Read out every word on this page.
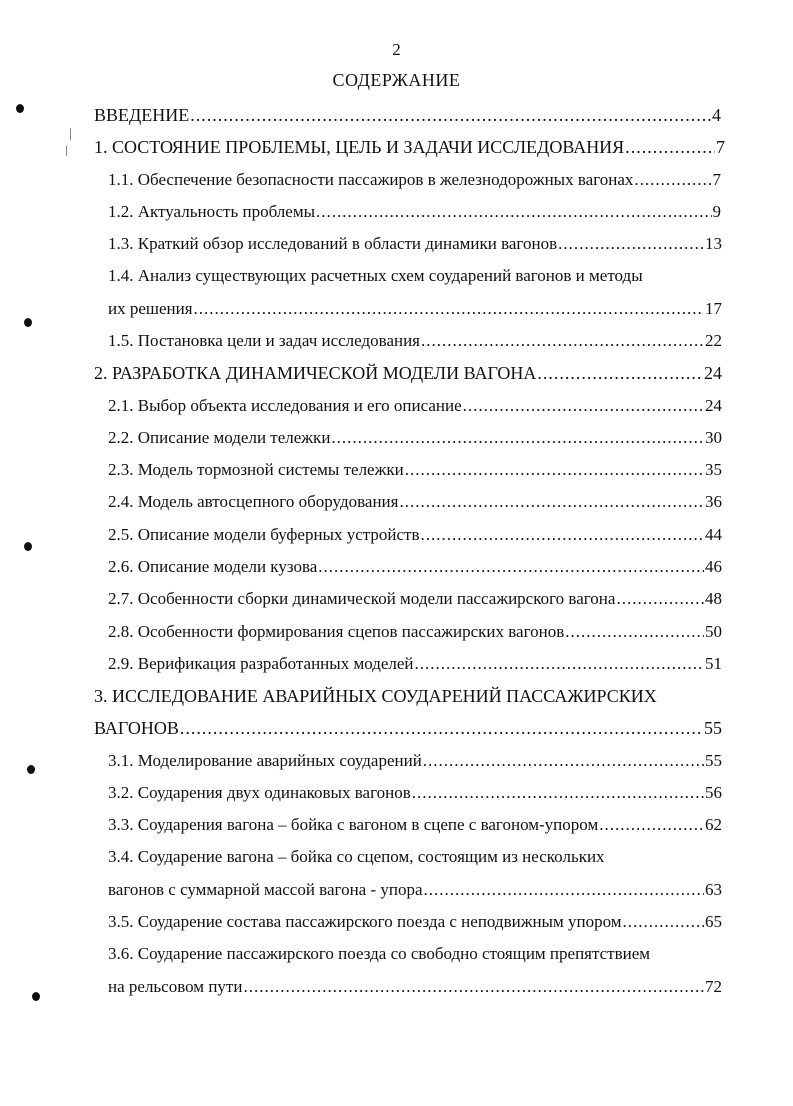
2
СОДЕРЖАНИЕ
ВВЕДЕНИЕ .....	4
1. СОСТОЯНИЕ ПРОБЛЕМЫ, ЦЕЛЬ И ЗАДАЧИ ИССЛЕДОВАНИЯ .....	7
1.1. Обеспечение безопасности пассажиров в железнодорожных вагонах .....	7
1.2. Актуальность проблемы .....	9
1.3. Краткий обзор исследований в области динамики вагонов .....	13
1.4. Анализ существующих расчетных схем соударений вагонов и методы
их решения .....	17
1.5. Постановка цели и задач исследования .....	22
2. РАЗРАБОТКА ДИНАМИЧЕСКОЙ МОДЕЛИ ВАГОНА .....	24
2.1. Выбор объекта исследования и его описание .....	24
2.2. Описание модели тележки .....	30
2.3. Модель тормозной системы тележки .....	35
2.4. Модель автосцепного оборудования .....	36
2.5. Описание модели буферных устройств .....	44
2.6. Описание модели кузова .....	46
2.7. Особенности сборки динамической модели пассажирского вагона .....	48
2.8. Особенности формирования сцепов пассажирских вагонов .....	50
2.9. Верификация разработанных моделей .....	51
3. ИССЛЕДОВАНИЕ АВАРИЙНЫХ СОУДАРЕНИЙ ПАССАЖИРСКИХ
ВАГОНОВ .....	55
3.1. Моделирование аварийных соударений .....	55
3.2. Соударения двух одинаковых вагонов .....	56
3.3. Соударения вагона – бойка с вагоном в сцепе с вагоном-упором .....	62
3.4. Соударение вагона – бойка со сцепом, состоящим из нескольких
вагонов с суммарной массой вагона - упора .....	63
3.5. Соударение состава пассажирского поезда с неподвижным упором .....	65
3.6. Соударение пассажирского поезда со свободно стоящим препятствием
на рельсовом пути .....	72
